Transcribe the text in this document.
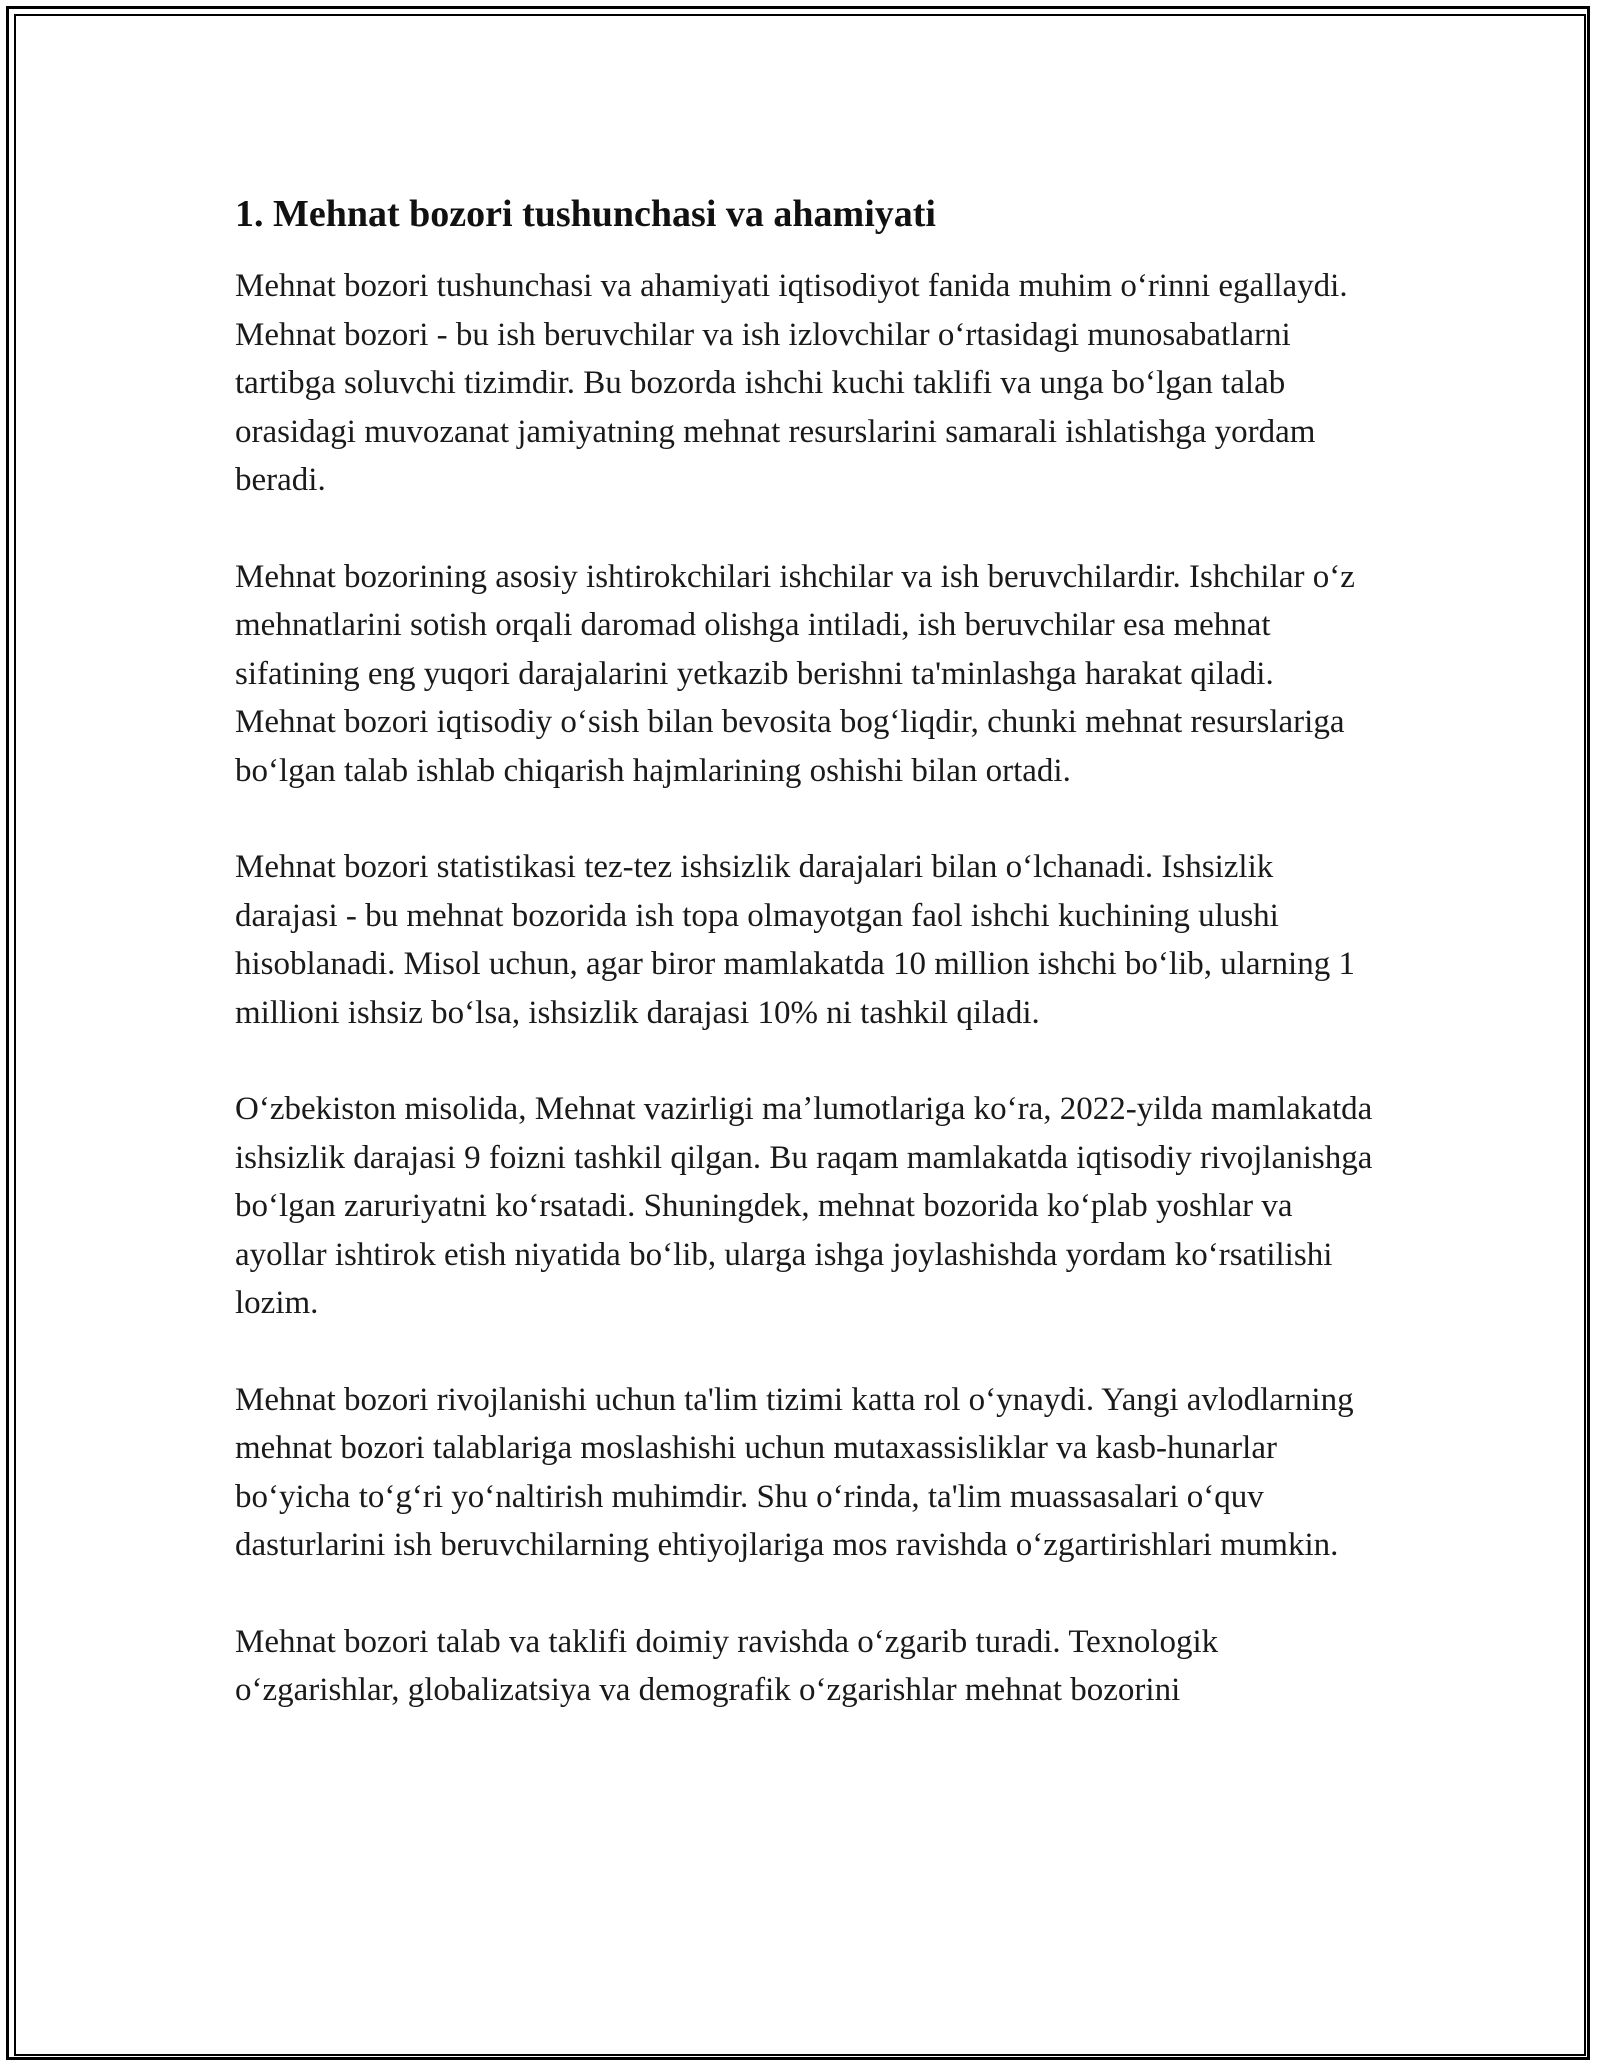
1. Mehnat bozori tushunchasi va ahamiyati

Mehnat bozori tushunchasi va ahamiyati iqtisodiyot fanida muhim oʻrinni egallaydi. Mehnat bozori - bu ish beruvchilar va ish izlovchilar oʻrtasidagi munosabatlarni tartibga soluvchi tizimdir. Bu bozorda ishchi kuchi taklifi va unga boʻlgan talab orasidagi muvozanat jamiyatning mehnat resurslarini samarali ishlatishga yordam beradi.

Mehnat bozorining asosiy ishtirokchilari ishchilar va ish beruvchilardir. Ishchilar oʻz mehnatlarini sotish orqali daromad olishga intiladi, ish beruvchilar esa mehnat sifatining eng yuqori darajalarini yetkazib berishni ta'minlashga harakat qiladi. Mehnat bozori iqtisodiy oʻsish bilan bevosita bogʻliqdir, chunki mehnat resurslariga boʻlgan talab ishlab chiqarish hajmlarining oshishi bilan ortadi.

Mehnat bozori statistikasi tez-tez ishsizlik darajalari bilan oʻlchanadi. Ishsizlik darajasi - bu mehnat bozorida ish topa olmayotgan faol ishchi kuchining ulushi hisoblanadi. Misol uchun, agar biror mamlakatda 10 million ishchi boʻlib, ularning 1 millioni ishsiz boʻlsa, ishsizlik darajasi 10% ni tashkil qiladi.

Oʻzbekiston misolida, Mehnat vazirligi maʼlumotlariga koʻra, 2022-yilda mamlakatda ishsizlik darajasi 9 foizni tashkil qilgan. Bu raqam mamlakatda iqtisodiy rivojlanishga boʻlgan zaruriyatni koʻrsatadi. Shuningdek, mehnat bozorida koʻplab yoshlar va ayollar ishtirok etish niyatida boʻlib, ularga ishga joylashishda yordam koʻrsatilishi lozim.

Mehnat bozori rivojlanishi uchun ta'lim tizimi katta rol oʻynaydi. Yangi avlodlarning mehnat bozori talablariga moslashishi uchun mutaxassisliklar va kasb-hunarlar boʻyicha toʻgʻri yoʻnaltirish muhimdir. Shu oʻrinda, ta'lim muassasalari oʻquv dasturlarini ish beruvchilarning ehtiyojlariga mos ravishda oʻzgartirishlari mumkin.

Mehnat bozori talab va taklifi doimiy ravishda oʻzgarib turadi. Texnologik oʻzgarishlar, globalizatsiya va demografik oʻzgarishlar mehnat bozorini
